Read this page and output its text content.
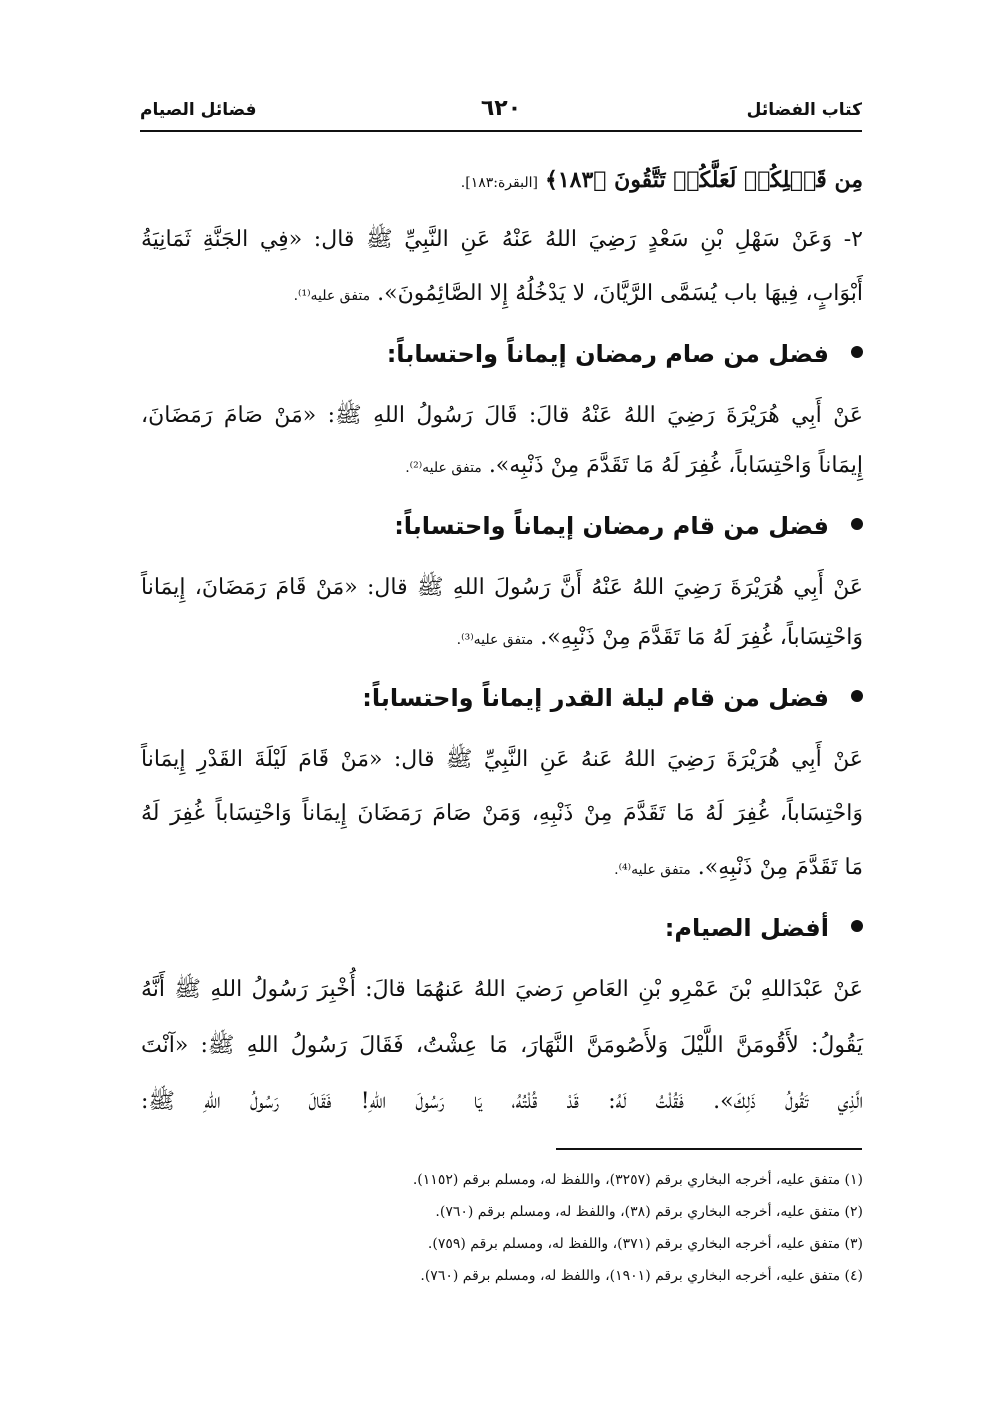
كتاب الفضائل
٦٢٠
فضائل الصيام
مِن قَبۡلِكُمۡ لَعَلَّكُمۡ تَتَّقُونَ ﴿١٨٣﴾ [البقرة:١٨٣].
٢- وَعَنْ سَهْلِ بْنِ سَعْدٍ رَضِيَ اللهُ عَنْهُ عَنِ النَّبِيِّ ﷺ قال: «فِي الجَنَّةِ ثَمَانِيَةُ
أَبْوَابٍ، فِيهَا باب يُسَمَّى الرَّيَّانَ، لا يَدْخُلُهُ إِلا الصَّائِمُونَ». متفق عليه⁽¹⁾.
فضل من صام رمضان إيماناً واحتساباً:
عَنْ أَبِي هُرَيْرَةَ رَضِيَ اللهُ عَنْهُ قالَ: قَالَ رَسُولُ اللهِ ﷺ: «مَنْ صَامَ رَمَضَانَ،
إِيمَاناً وَاحْتِسَاباً، غُفِرَ لَهُ مَا تَقَدَّمَ مِنْ ذَنْبِه». متفق عليه⁽²⁾.
فضل من قام رمضان إيماناً واحتساباً:
عَنْ أَبِي هُرَيْرَةَ رَضِيَ اللهُ عَنْهُ أَنَّ رَسُولَ اللهِ ﷺ قال: «مَنْ قَامَ رَمَضَانَ، إِيمَاناً
وَاحْتِسَاباً، غُفِرَ لَهُ مَا تَقَدَّمَ مِنْ ذَنْبِهِ». متفق عليه⁽³⁾.
فضل من قام ليلة القدر إيماناً واحتساباً:
عَنْ أَبِي هُرَيْرَةَ رَضِيَ اللهُ عَنهُ عَنِ النَّبِيِّ ﷺ قال: «مَنْ قَامَ لَيْلَةَ القَدْرِ إِيمَاناً
وَاحْتِسَاباً، غُفِرَ لَهُ مَا تَقَدَّمَ مِنْ ذَنْبِهِ، وَمَنْ صَامَ رَمَضَانَ إِيمَاناً وَاحْتِسَاباً غُفِرَ لَهُ
مَا تَقَدَّمَ مِنْ ذَنْبِهِ». متفق عليه⁽⁴⁾.
أفضل الصيام:
عَنْ عَبْدَاللهِ بْنَ عَمْرِو بْنِ العَاصِ رَضيَ اللهُ عَنهُمَا قالَ: أُخْبِرَ رَسُولُ اللهِ ﷺ أَنَّهُ
يَقُولُ: لأَقُومَنَّ اللَّيْلَ وَلأَصُومَنَّ النَّهَارَ، مَا عِشْتُ، فَقَالَ رَسُولُ اللهِ ﷺ: «آنْتَ
الَّذِي تَقُولُ ذَلِكَ». فَقُلْتُ لَهُ: قَدْ قُلْتُهُ، يَا رَسُولَ اللهِ! فَقَالَ رَسُولُ اللهِ ﷺ:
(١) متفق عليه، أخرجه البخاري برقم (٣٢٥٧)، واللفظ له، ومسلم برقم (١١٥٢).
(٢) متفق عليه، أخرجه البخاري برقم (٣٨)، واللفظ له، ومسلم برقم (٧٦٠).
(٣) متفق عليه، أخرجه البخاري برقم (٣٧١)، واللفظ له، ومسلم برقم (٧٥٩).
(٤) متفق عليه، أخرجه البخاري برقم (١٩٠١)، واللفظ له، ومسلم برقم (٧٦٠).
